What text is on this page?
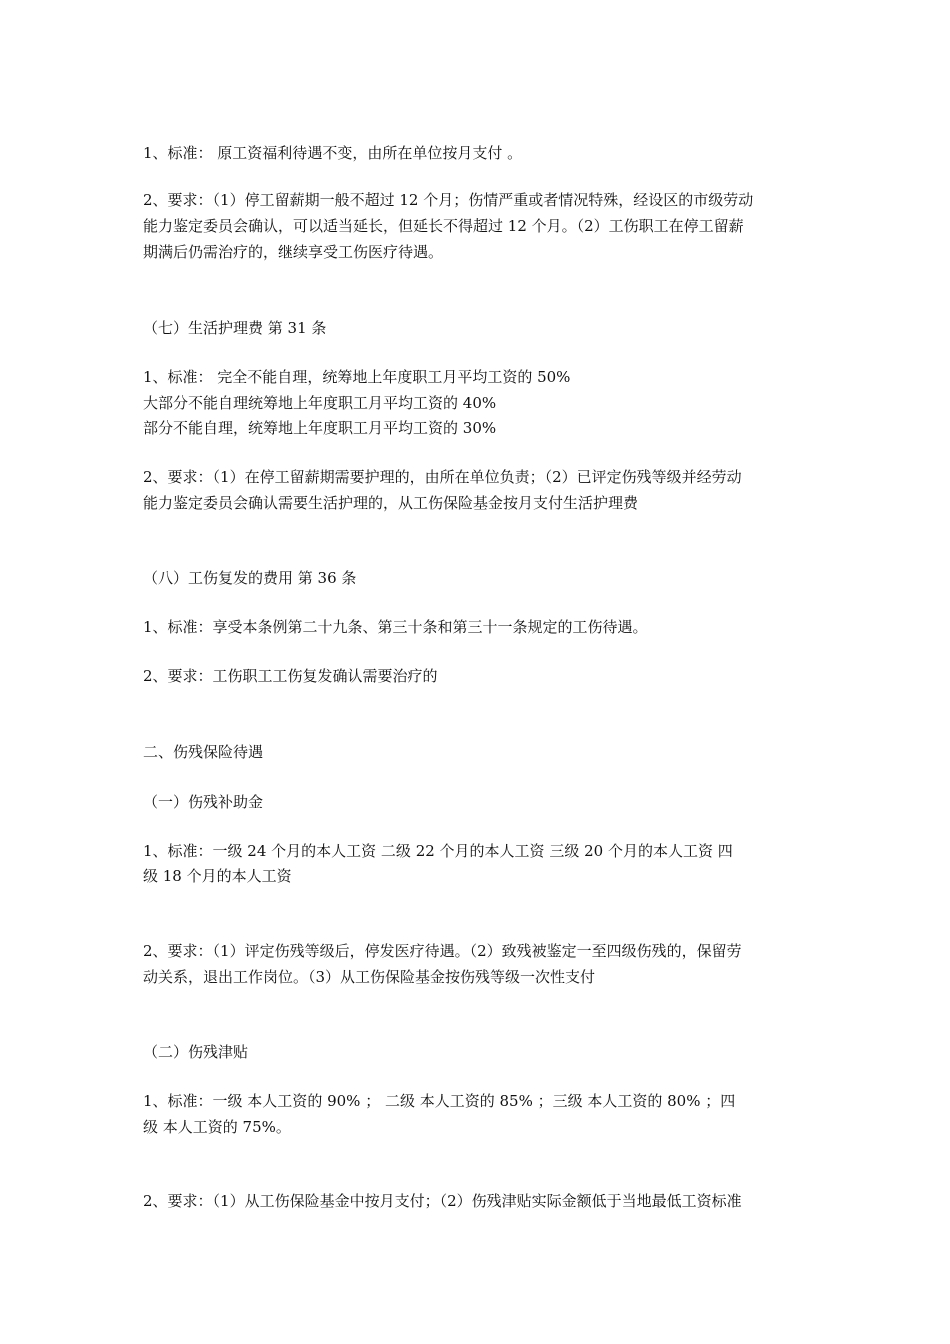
1、标准： 原工资福利待遇不变，由所在单位按月支付 。
2、要求：（1）停工留薪期一般不超过 12 个月；伤情严重或者情况特殊，经设区的市级劳动
能力鉴定委员会确认，可以适当延长，但延长不得超过 12 个月。（2）工伤职工在停工留薪
期满后仍需治疗的，继续享受工伤医疗待遇。
（七）生活护理费 第 31 条
1、标准： 完全不能自理，统筹地上年度职工月平均工资的 50%
大部分不能自理统筹地上年度职工月平均工资的 40%
部分不能自理，统筹地上年度职工月平均工资的 30%
2、要求：（1）在停工留薪期需要护理的，由所在单位负责；（2）已评定伤残等级并经劳动
能力鉴定委员会确认需要生活护理的，从工伤保险基金按月支付生活护理费
（八）工伤复发的费用 第 36 条
1、标准：享受本条例第二十九条、第三十条和第三十一条规定的工伤待遇。
2、要求：工伤职工工伤复发确认需要治疗的
二、伤残保险待遇
（一）伤残补助金
1、标准：一级 24 个月的本人工资 二级 22 个月的本人工资 三级 20 个月的本人工资 四
级 18 个月的本人工资
2、要求：（1）评定伤残等级后，停发医疗待遇。（2）致残被鉴定一至四级伤残的，保留劳
动关系，退出工作岗位。（3）从工伤保险基金按伤残等级一次性支付
（二）伤残津贴
1、标准：一级 本人工资的 90% ； 二级 本人工资的 85% ；三级 本人工资的 80% ；四
级 本人工资的 75%。
2、要求：（1）从工伤保险基金中按月支付；（2）伤残津贴实际金额低于当地最低工资标准
